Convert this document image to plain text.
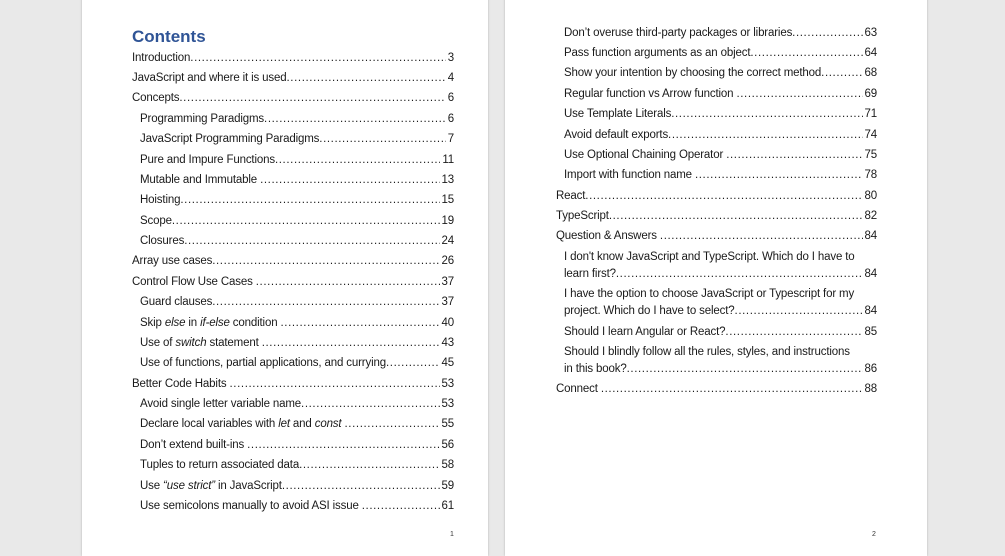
Contents
Introduction	3
JavaScript and where it is used	4
Concepts	6
Programming Paradigms	6
JavaScript Programming Paradigms	7
Pure and Impure Functions	11
Mutable and Immutable	13
Hoisting	15
Scope	19
Closures	24
Array use cases	26
Control Flow Use Cases	37
Guard clauses	37
Skip else in if-else condition	40
Use of switch statement	43
Use of functions, partial applications, and currying	45
Better Code Habits	53
Avoid single letter variable name	53
Declare local variables with let and const	55
Don’t extend built-ins	56
Tuples to return associated data	58
Use “use strict” in JavaScript	59
Use semicolons manually to avoid ASI issue	61
1
Don’t overuse third-party packages or libraries	63
Pass function arguments as an object	64
Show your intention by choosing the correct method	68
Regular function vs Arrow function	69
Use Template Literals	71
Avoid default exports	74
Use Optional Chaining Operator	75
Import with function name	78
React	80
TypeScript	82
Question & Answers	84
I don't know JavaScript and TypeScript. Which do I have to learn first?	84
I have the option to choose JavaScript or Typescript for my project. Which do I have to select?	84
Should I learn Angular or React?	85
Should I blindly follow all the rules, styles, and instructions in this book?	86
Connect	88
2
